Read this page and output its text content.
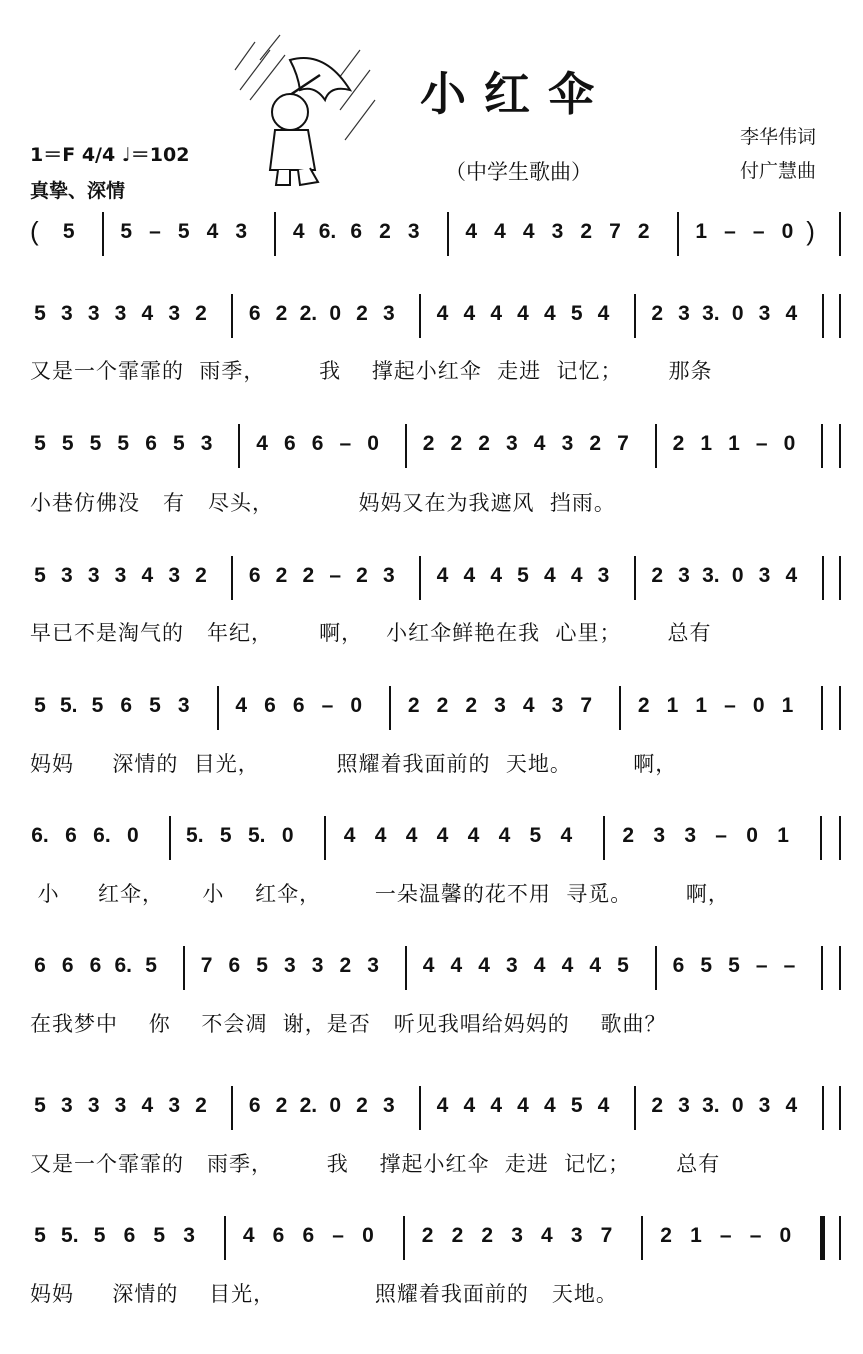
小红伞
（中学生歌曲）
李华伟词
付广慧曲
1＝F 4/4 ♩＝102
真挚、深情
( 5 5 – 5 4 3 4 6. 6 2 3 4 4 4 3 2 7 2 1 – – 0 )
5 3 3 3 4 3 2 6 2 2. 0 2 3 4 4 4 4 4 5 4 2 3 3. 0 3 4
又是一个霏霏的  雨季，       我    撑起小红伞  走进  记忆；      那条
5 5 5 5 6 5 3 4 6 6 – 0 2 2 2 3 4 3 2 7 2 1 1 – 0
小巷仿佛没   有   尽头，           妈妈又在为我遮风  挡雨。
5 3 3 3 4 3 2 6 2 2 – 2 3 4 4 4 5 4 4 3 2 3 3. 0 3 4
早已不是淘气的   年纪，      啊，   小红伞鲜艳在我  心里；      总有
5 5. 5 6 5 3 4 6 6 – 0 2 2 2 3 4 3 7 2 1 1 – 0 1
妈妈     深情的  目光，          照耀着我面前的  天地。        啊，
6. 6 6. 0 5. 5 5. 0 4 4 4 4 4 4 5 4 2 3 3 – 0 1
小     红伞，     小    红伞，       一朵温馨的花不用  寻觅。       啊，
6 6 6 6. 5 7 6 5 3 3 2 3 4 4 4 3 4 4 4 5 6 5 5 – –
在我梦中    你    不会凋  谢，是否   听见我唱给妈妈的    歌曲？
5 3 3 3 4 3 2 6 2 2. 0 2 3 4 4 4 4 4 5 4 2 3 3. 0 3 4
又是一个霏霏的   雨季，       我    撑起小红伞  走进  记忆；      总有
5 5. 5 6 5 3 4 6 6 – 0 2 2 2 3 4 3 7 2 1 – – 0
妈妈     深情的    目光，             照耀着我面前的   天地。
